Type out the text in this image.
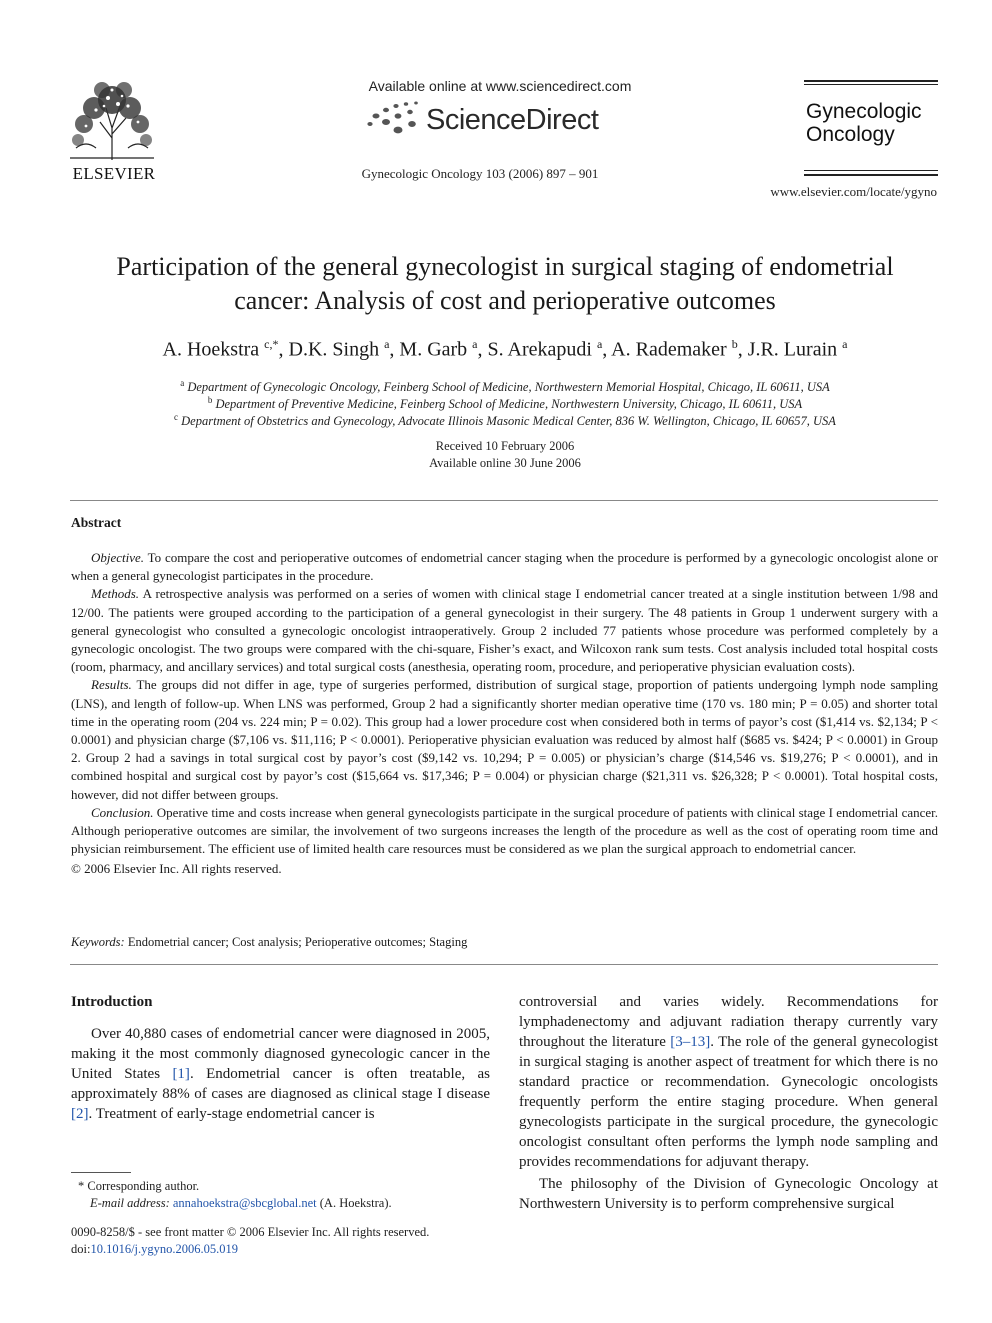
ELSEVIER
Available online at www.sciencedirect.com
ScienceDirect
Gynecologic Oncology 103 (2006) 897 – 901
Gynecologic
Oncology
www.elsevier.com/locate/ygyno
Participation of the general gynecologist in surgical staging of endometrial
cancer: Analysis of cost and perioperative outcomes
A. Hoekstra $^{c,*}$, D.K. Singh $^a$, M. Garb $^a$, S. Arekapudi $^a$, A. Rademaker $^b$, J.R. Lurain $^a$
$^a$ Department of Gynecologic Oncology, Feinberg School of Medicine, Northwestern Memorial Hospital, Chicago, IL 60611, USA
$^b$ Department of Preventive Medicine, Feinberg School of Medicine, Northwestern University, Chicago, IL 60611, USA
$^c$ Department of Obstetrics and Gynecology, Advocate Illinois Masonic Medical Center, 836 W. Wellington, Chicago, IL 60657, USA
Received 10 February 2006
Available online 30 June 2006
Abstract

Objective. To compare the cost and perioperative outcomes of endometrial cancer staging when the procedure is performed by a gynecologic oncologist alone or when a general gynecologist participates in the procedure.

Methods. A retrospective analysis was performed on a series of women with clinical stage I endometrial cancer treated at a single institution between 1/98 and 12/00. The patients were grouped according to the participation of a general gynecologist in their surgery. The 48 patients in Group 1 underwent surgery with a general gynecologist who consulted a gynecologic oncologist intraoperatively. Group 2 included 77 patients whose procedure was performed completely by a gynecologic oncologist. The two groups were compared with the chi-square, Fisher’s exact, and Wilcoxon rank sum tests. Cost analysis included total hospital costs (room, pharmacy, and ancillary services) and total surgical costs (anesthesia, operating room, procedure, and perioperative physician evaluation costs).

Results. The groups did not differ in age, type of surgeries performed, distribution of surgical stage, proportion of patients undergoing lymph node sampling (LNS), and length of follow-up. When LNS was performed, Group 2 had a significantly shorter median operative time (170 vs. 180 min; P = 0.05) and shorter total time in the operating room (204 vs. 224 min; P = 0.02). This group had a lower procedure cost when considered both in terms of payor’s cost ($1,414 vs. $2,134; P < 0.0001) and physician charge ($7,106 vs. $11,116; P < 0.0001). Perioperative physician evaluation was reduced by almost half ($685 vs. $424; P < 0.0001) in Group 2. Group 2 had a savings in total surgical cost by payor’s cost ($9,142 vs. 10,294; P = 0.005) or physician’s charge ($14,546 vs. $19,276; P < 0.0001), and in combined hospital and surgical cost by payor’s cost ($15,664 vs. $17,346; P = 0.004) or physician charge ($21,311 vs. $26,328; P < 0.0001). Total hospital costs, however, did not differ between groups.

Conclusion. Operative time and costs increase when general gynecologists participate in the surgical procedure of patients with clinical stage I endometrial cancer. Although perioperative outcomes are similar, the involvement of two surgeons increases the length of the procedure as well as the cost of operating room time and physician reimbursement. The efficient use of limited health care resources must be considered as we plan the surgical approach to endometrial cancer.

© 2006 Elsevier Inc. All rights reserved.

Keywords: Endometrial cancer; Cost analysis; Perioperative outcomes; Staging

Introduction

Over 40,880 cases of endometrial cancer were diagnosed in 2005, making it the most commonly diagnosed gynecologic cancer in the United States [1]. Endometrial cancer is often treatable, as approximately 88% of cases are diagnosed as clinical stage I disease [2]. Treatment of early-stage endometrial cancer is

controversial and varies widely. Recommendations for lymphadenectomy and adjuvant radiation therapy currently vary throughout the literature [3–13]. The role of the general gynecologist in surgical staging is another aspect of treatment for which there is no standard practice or recommendation. Gynecologic oncologists frequently perform the entire staging procedure. When general gynecologists participate in the surgical procedure, the gynecologic oncologist consultant often performs the lymph node sampling and provides recommendations for adjuvant therapy.

The philosophy of the Division of Gynecologic Oncology at Northwestern University is to perform comprehensive surgical

* Corresponding author.
E-mail address: annahoekstra@sbcglobal.net (A. Hoekstra).
0090-8258/$ - see front matter © 2006 Elsevier Inc. All rights reserved.
doi:10.1016/j.ygyno.2006.05.019
